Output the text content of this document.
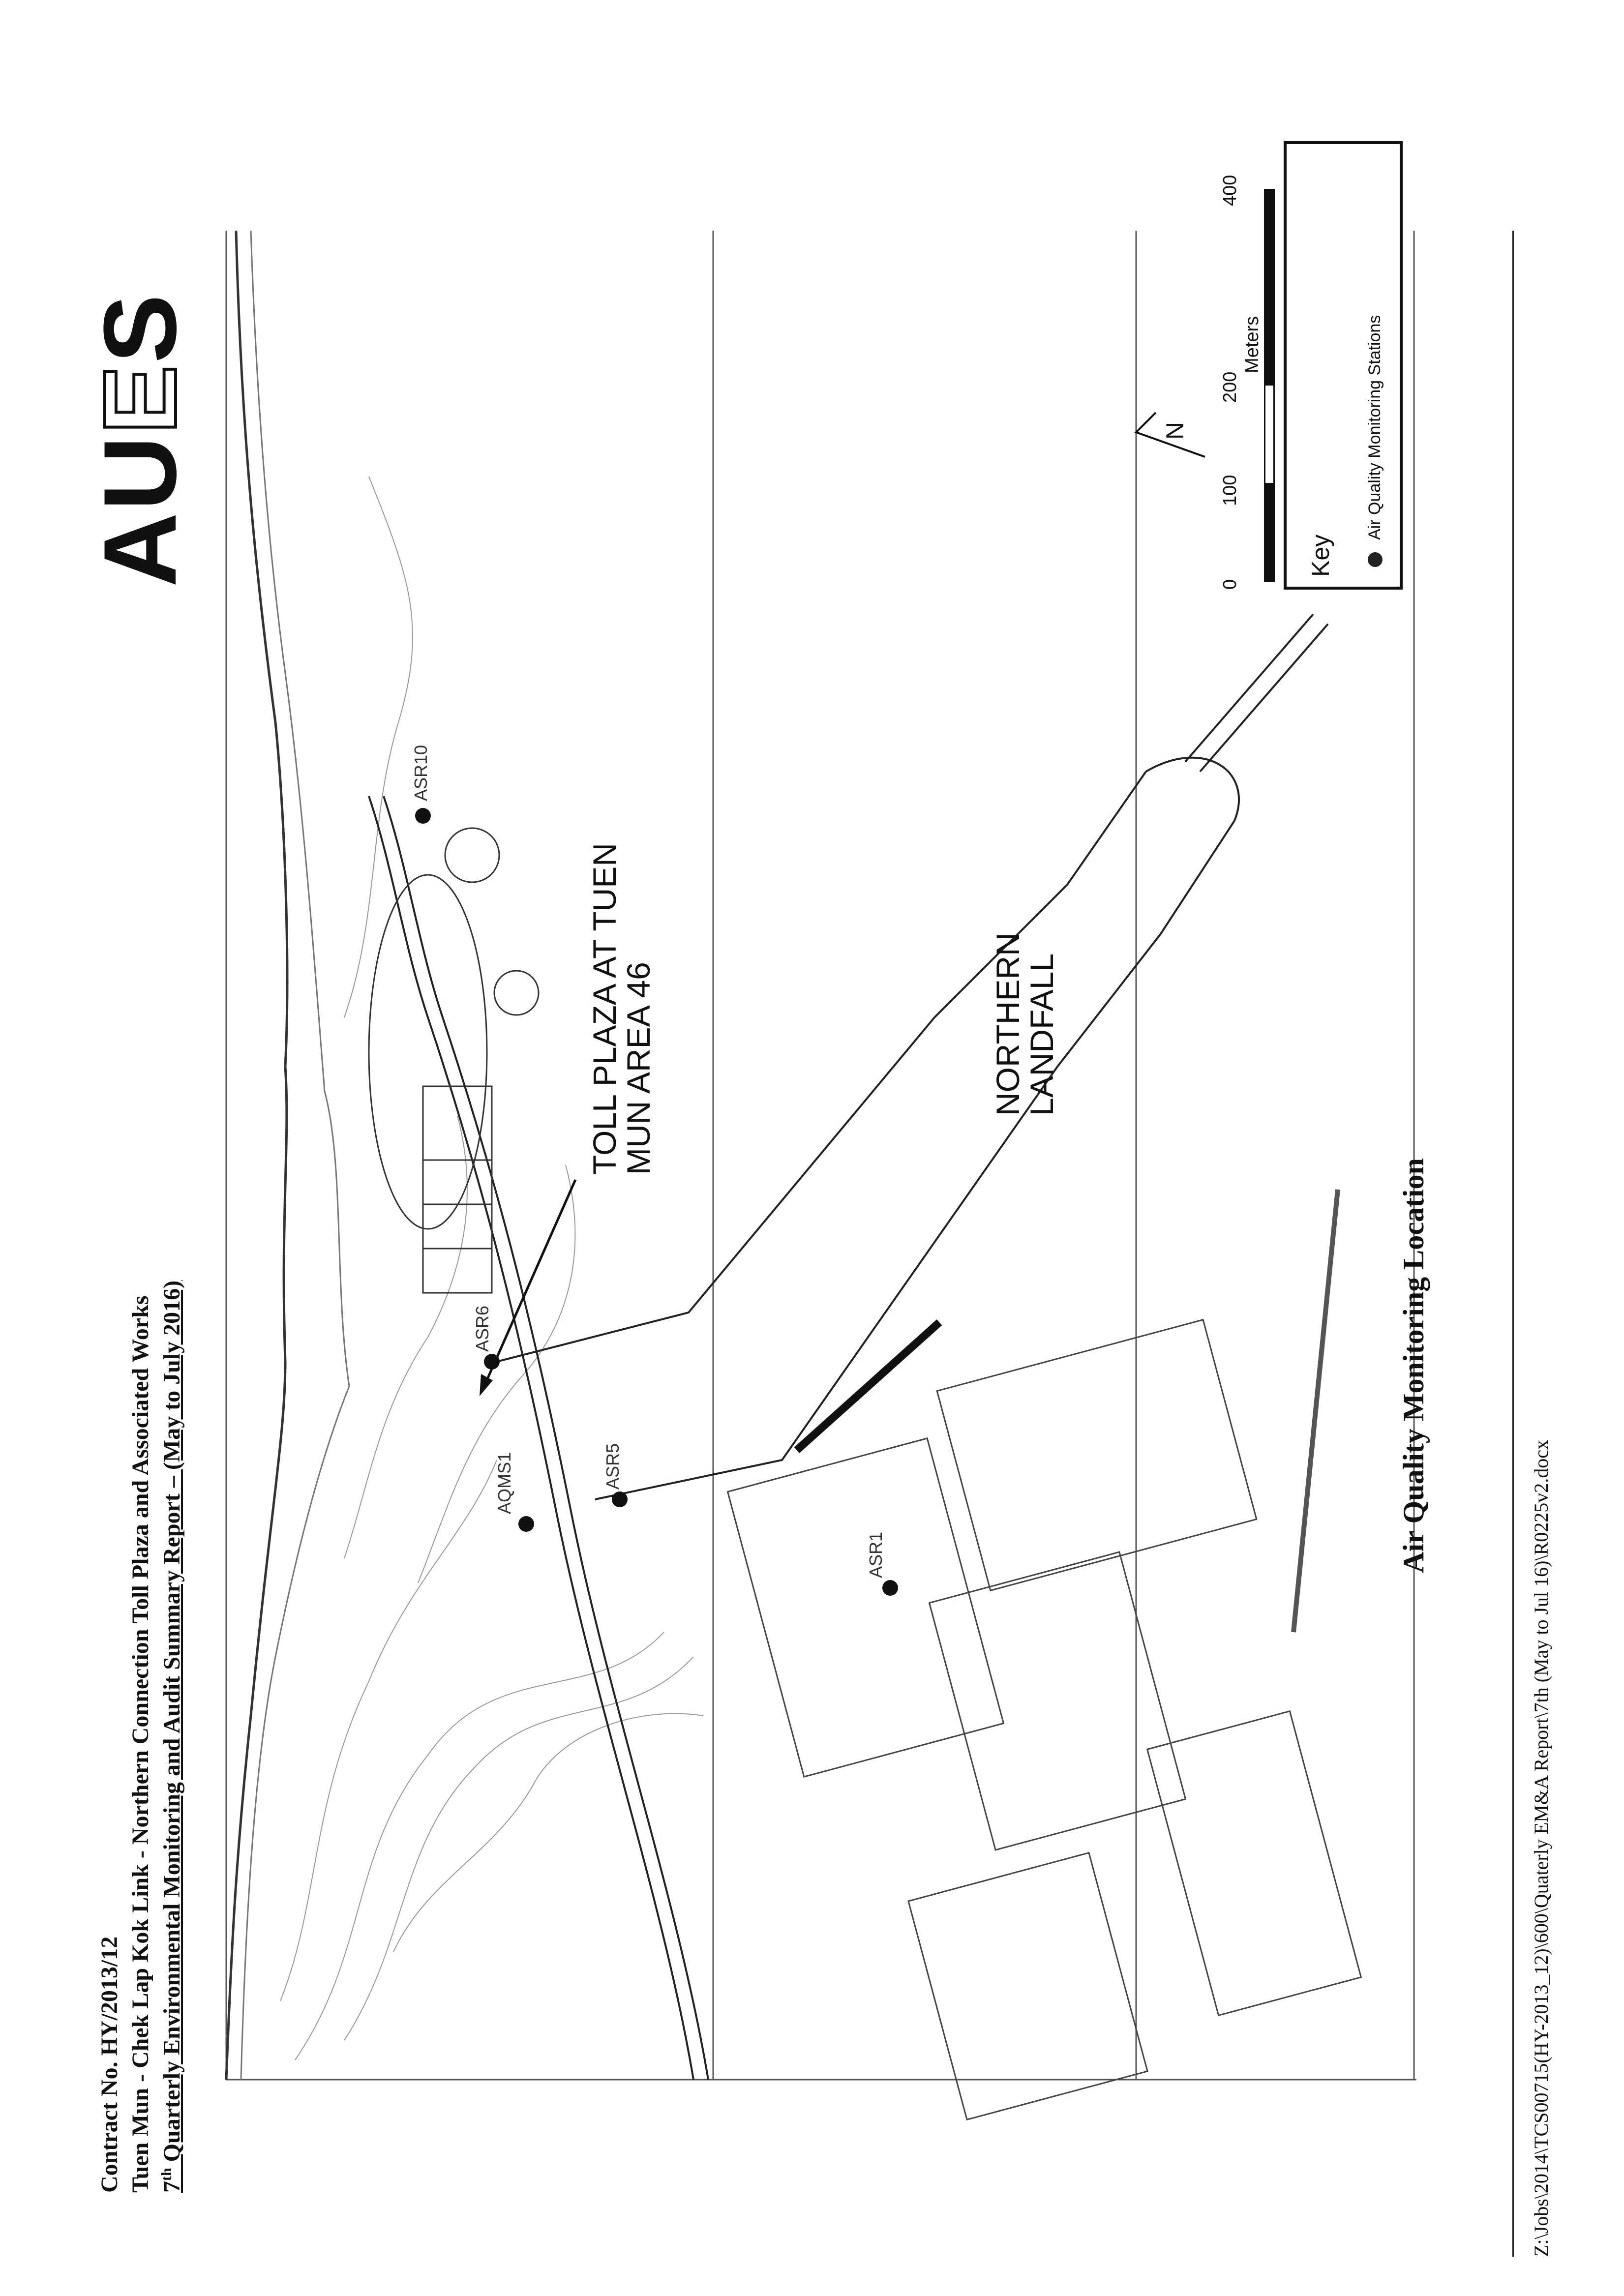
Contract No. HY/2013/12 Tuen Mun - Chek Lap Kok Link - Northern Connection Toll Plaza and Associated Works 7th Quarterly Environmental Monitoring and Audit Summary Report – (May to July 2016)
AUES
ASR10
ASR6
ASR5
AQMS1
ASR1
TOLL PLAZA AT TUEN
MUN AREA 46	NORTHERN
LANDFALL
N
0
100
200
400
Meters
Key
Air Quality Monitoring Stations
Air Quality Monitoring Location
Z:\Jobs\2014\TCS00715(HY-2013_12)\600\Quaterly EM&A Report\7th (May to Jul 16)\R0225v2.docx
